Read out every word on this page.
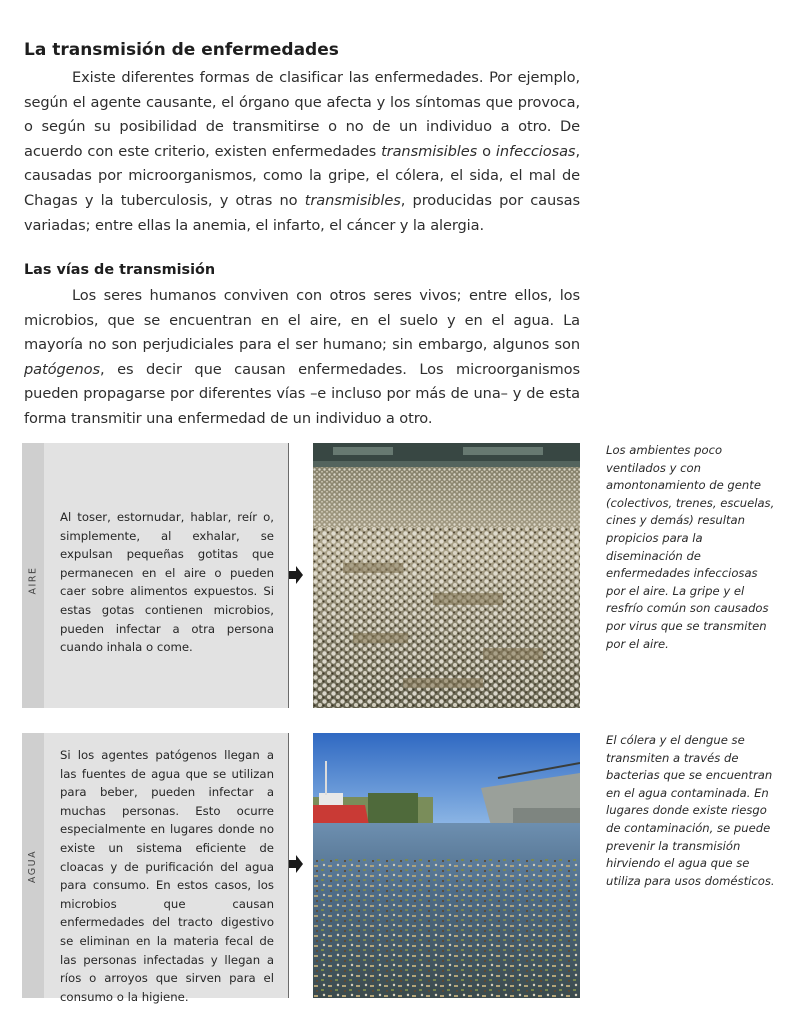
La transmisión de enfermedades

Existe diferentes formas de clasificar las enfermedades. Por ejemplo, según el agente causante, el órgano que afecta y los síntomas que provoca, o según su posibilidad de transmitirse o no de un individuo a otro. De acuerdo con este criterio, existen enfermedades transmisibles o infecciosas, causadas por microorganismos, como la gripe, el cólera, el sida, el mal de Chagas y la tuberculosis, y otras no transmisibles, producidas por causas variadas; entre ellas la anemia, el infarto, el cáncer y la alergia.

Las vías de transmisión

Los seres humanos conviven con otros seres vivos; entre ellos, los microbios, que se encuentran en el aire, en el suelo y en el agua. La mayoría no son perjudiciales para el ser humano; sin embargo, algunos son patógenos, es decir que causan enfermedades. Los microorganismos pueden propagarse por diferentes vías –e incluso por más de una– y de esta forma transmitir una enfermedad de un individuo a otro.

AIRE

Al toser, estornudar, hablar, reír o, simplemente, al exhalar, se expulsan pequeñas gotitas que permanecen en el aire o pueden caer sobre alimentos expuestos. Si estas gotas contienen microbios, pueden infectar a otra persona cuando inhala o come.

Los ambientes poco ventilados y con amontonamiento de gente (colectivos, trenes, escuelas, cines y demás) resultan propicios para la diseminación de enfermedades infecciosas por el aire. La gripe y el resfrío común son causados por virus que se transmiten por el aire.

AGUA

Si los agentes patógenos llegan a las fuentes de agua que se utilizan para beber, pueden infectar a muchas personas. Esto ocurre especialmente en lugares donde no existe un sistema eficiente de cloacas y de purificación del agua para consumo. En estos casos, los microbios que causan enfermedades del tracto digestivo se eliminan en la materia fecal de las personas infectadas y llegan a ríos o arroyos que sirven para el consumo o la higiene.

El cólera y el dengue se transmiten a través de bacterias que se encuentran en el agua contaminada. En lugares donde existe riesgo de contaminación, se puede prevenir la transmisión hirviendo el agua que se utiliza para usos domésticos.
